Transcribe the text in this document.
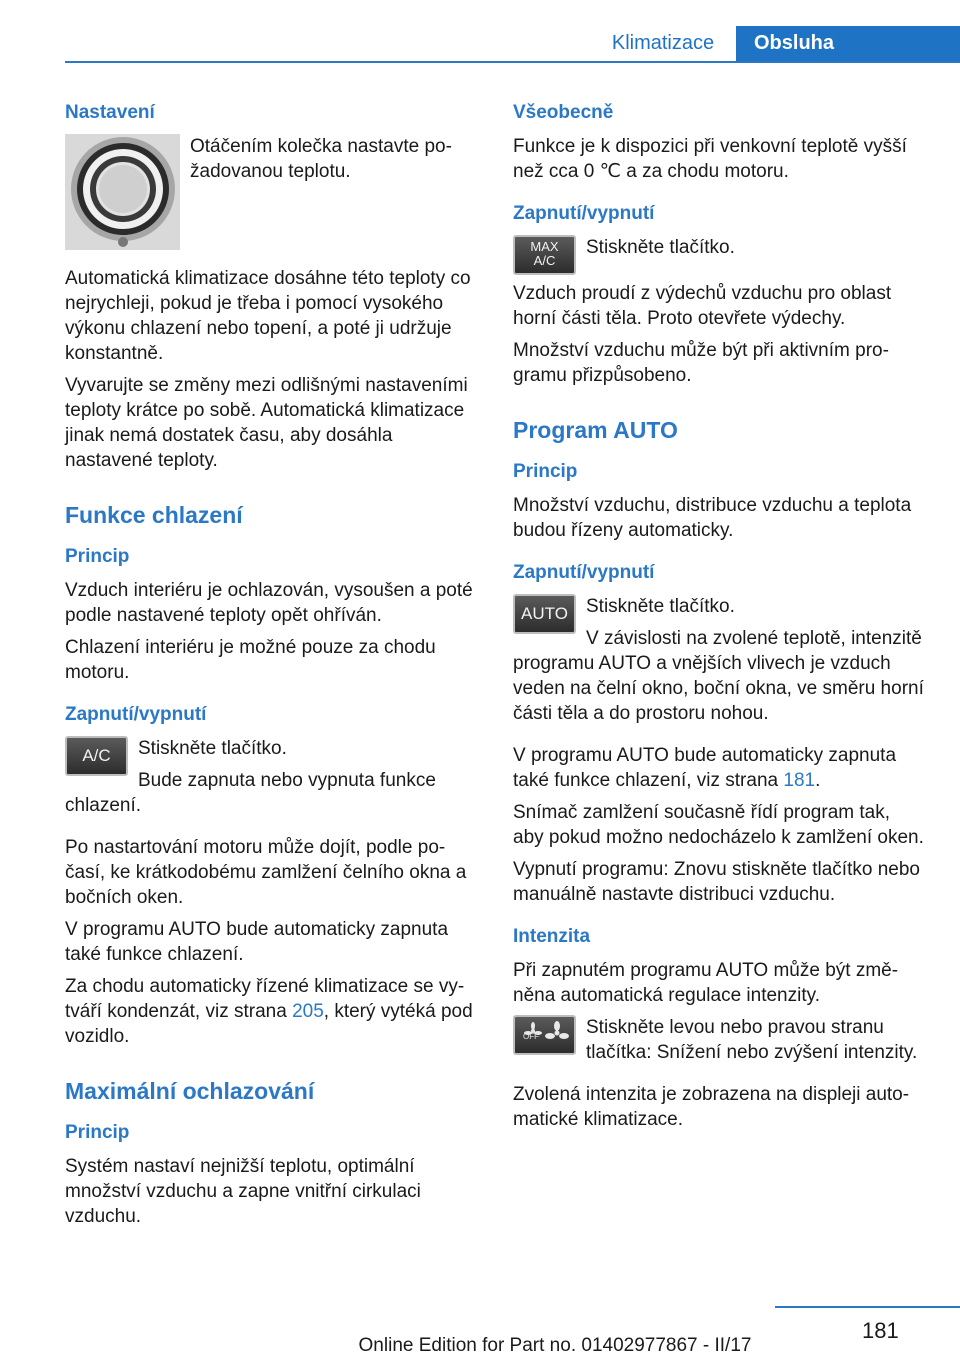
Klimatizace	Obsluha
Nastavení

Otáčením kolečka nastavte požadovanou teplotu.

Automatická klimatizace dosáhne této teploty co nejrychleji, pokud je třeba i pomocí vysokého výkonu chlazení nebo topení, a poté ji udržuje konstantně.

Vyvarujte se změny mezi odlišnými nastaveními teploty krátce po sobě. Automatická klimatizace jinak nemá dostatek času, aby dosáhla nastavené teploty.

Funkce chlazení
Princip

Vzduch interiéru je ochlazován, vysoušen a poté podle nastavené teploty opět ohříván.

Chlazení interiéru je možné pouze za chodu motoru.

Zapnutí/vypnutí
A/C	Stiskněte tlačítko.

Bude zapnuta nebo vypnuta funkce chlazení.

Po nastartování motoru může dojít, podle počasí, ke krátkodobému zamlžení čelního okna a bočních oken.

V programu AUTO bude automaticky zapnuta také funkce chlazení.

Za chodu automaticky řízené klimatizace se vytváří kondenzát, viz strana 205, který vytéká pod vozidlo.

Maximální ochlazování
Princip

Systém nastaví nejnižší teplotu, optimální množství vzduchu a zapne vnitřní cirkulaci vzduchu.

Všeobecně

Funkce je k dispozici při venkovní teplotě vyšší než cca 0 ℃ a za chodu motoru.

Zapnutí/vypnutí
MAX
A/C

Stiskněte tlačítko.

Vzduch proudí z výdechů vzduchu pro oblast horní části těla. Proto otevřete výdechy.

Množství vzduchu může být při aktivním programu přizpůsobeno.

Program AUTO
Princip

Množství vzduchu, distribuce vzduchu a teplota budou řízeny automaticky.

Zapnutí/vypnutí
AUTO Stiskněte tlačítko.

V závislosti na zvolené teplotě, intenzitě programu AUTO a vnějších vlivech je vzduch veden na čelní okno, boční okna, ve směru horní části těla a do prostoru nohou.

V programu AUTO bude automaticky zapnuta také funkce chlazení, viz strana 181.

Snímač zamlžení současně řídí program tak, aby pokud možno nedocházelo k zamlžení oken.

Vypnutí programu: Znovu stiskněte tlačítko nebo manuálně nastavte distribuci vzduchu.

Intenzita

Při zapnutém programu AUTO může být změněna automatická regulace intenzity.

OFF	Stiskněte levou nebo pravou stranu tlačítka: Snížení nebo zvýšení intenzity.

Zvolená intenzita je zobrazena na displeji automatické klimatizace.

181
Online Edition for Part no. 01402977867 - II/17
